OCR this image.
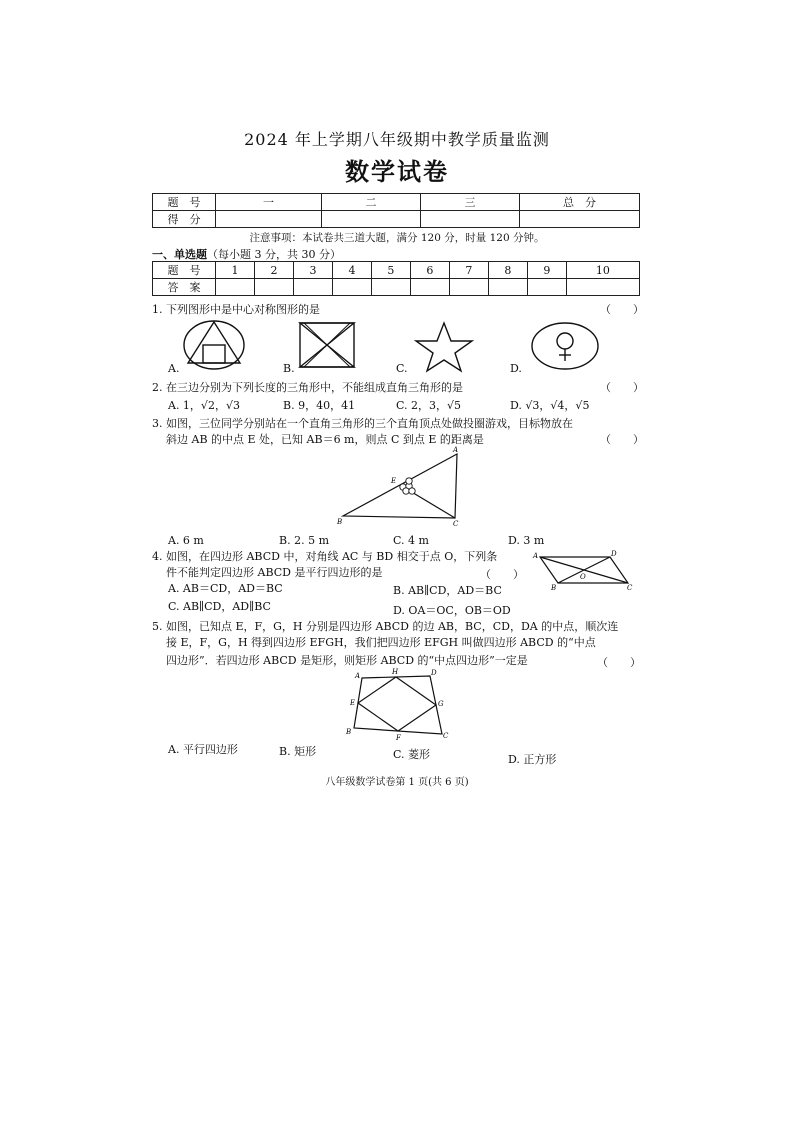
2024 年上学期八年级期中教学质量监测
数学试卷
题　号	一	二	三	总　分
得　分				
注意事项：本试卷共三道大题，满分 120 分，时量 120 分钟。
一、单选题（每小题 3 分，共 30 分）
题　号	1	2	3	4	5	6	7	8	9	10
答　案										
1. 下列图形中是中心对称图形的是	（　　）
A.	B.	C.	D.
2. 在三边分别为下列长度的三角形中，不能组成直角三角形的是	（　　）
A. 1，√2，√3	B. 9，40，41	C. 2，3，√5	D. √3，√4，√5
3. 如图，三位同学分别站在一个直角三角形的三个直角顶点处做投圈游戏，目标物放在
斜边 AB 的中点 E 处，已知 AB＝6 m，则点 C 到点 E 的距离是	（　　）
A
B	C
E
A. 6 m	B. 2. 5 m	C. 4 m	D. 3 m
4. 如图，在四边形 ABCD 中，对角线 AC 与 BD 相交于点 O，下列条
件不能判定四边形 ABCD 是平行四边形的是	（　　）
A	D
B	C
O
A. AB＝CD，AD＝BC	B. AB∥CD，AD＝BC
C. AB∥CD，AD∥BC	D. OA＝OC，OB＝OD
5. 如图，已知点 E，F，G，H 分别是四边形 ABCD 的边 AB，BC，CD，DA 的中点，顺次连
接 E，F，G，H 得到四边形 EFGH，我们把四边形 EFGH 叫做四边形 ABCD 的“中点
四边形”．若四边形 ABCD 是矩形，则矩形 ABCD 的“中点四边形”一定是	（　　）
A	H	D
E	G
B
F	C
A. 平行四边形	B. 矩形	C. 菱形	D. 正方形
八年级数学试卷第 1 页(共 6 页)
